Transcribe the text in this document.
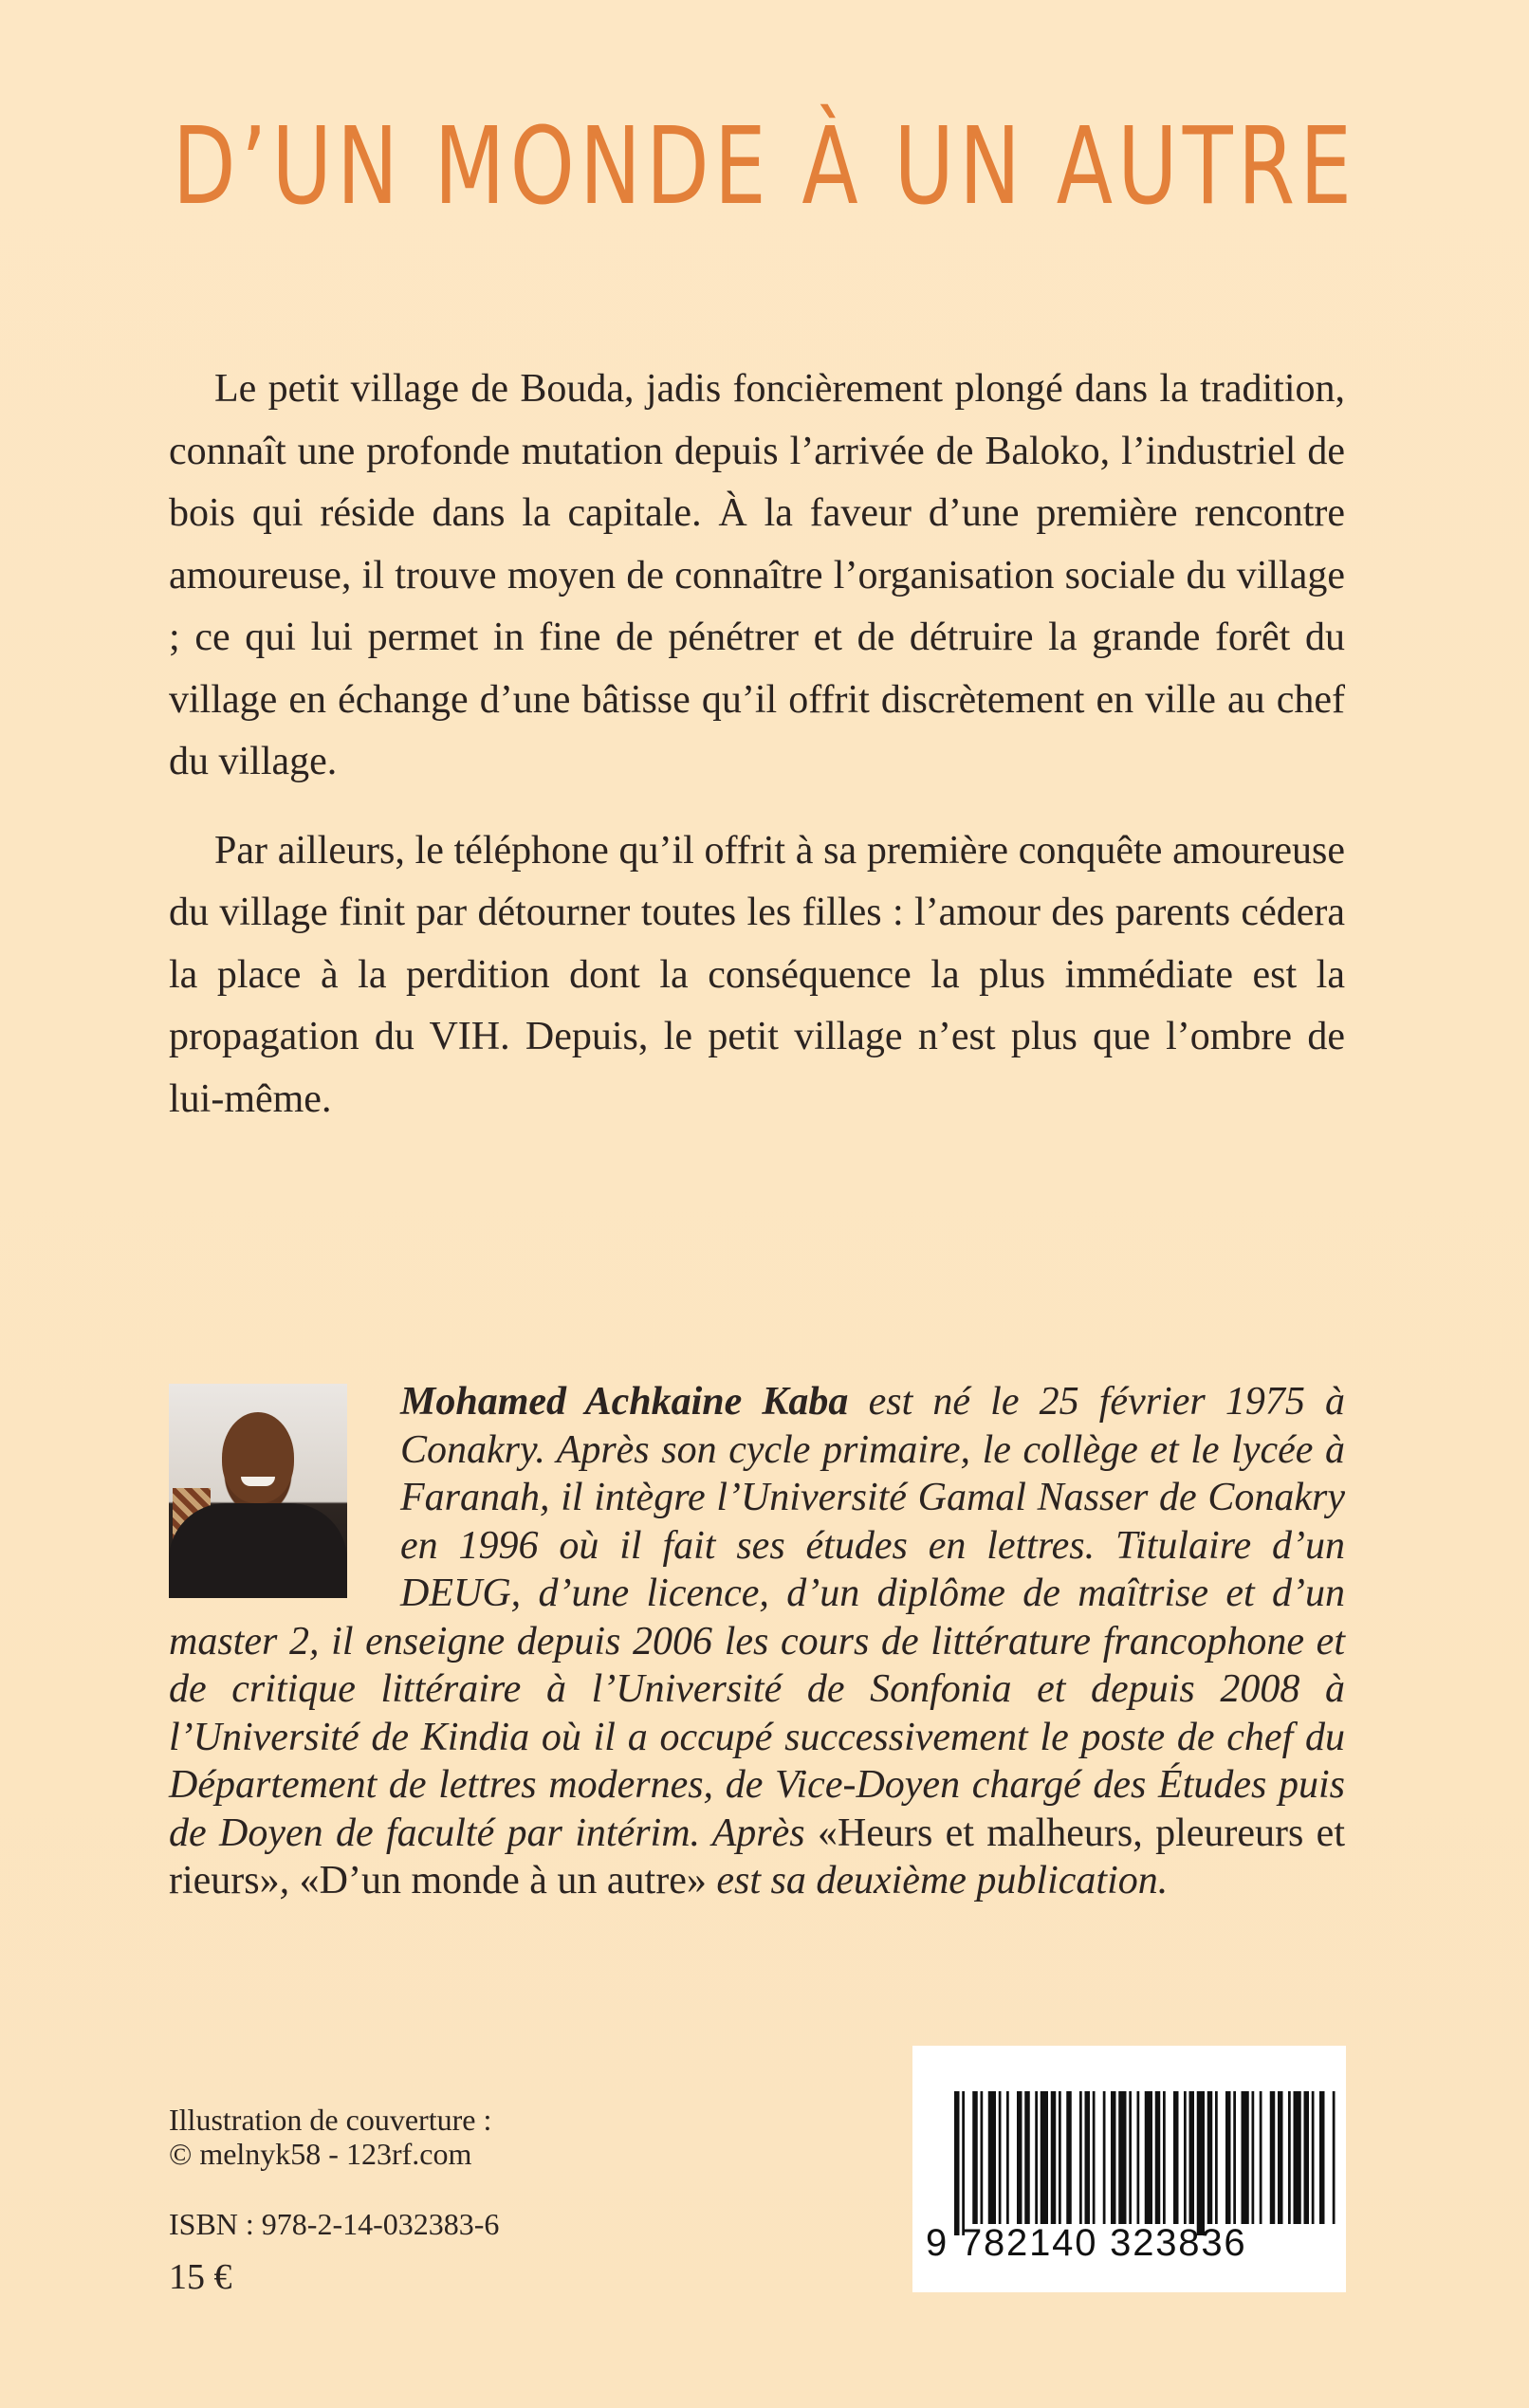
D’UN MONDE À UN AUTRE

Le petit village de Bouda, jadis foncièrement plongé dans la tradition, connaît une profonde mutation depuis l’arrivée de Baloko, l’industriel de bois qui réside dans la capitale. À la faveur d’une première rencontre amoureuse, il trouve moyen de connaître l’organisation sociale du village ; ce qui lui permet in fine de pénétrer et de détruire la grande forêt du village en échange d’une bâtisse qu’il offrit discrètement en ville au chef du village.

Par ailleurs, le téléphone qu’il offrit à sa première conquête amoureuse du village finit par détourner toutes les filles : l’amour des parents cédera la place à la perdition dont la conséquence la plus immédiate est la propagation du VIH. Depuis, le petit village n’est plus que l’ombre de lui-même.

Mohamed Achkaine Kaba est né le 25 février 1975 à Conakry. Après son cycle primaire, le collège et le lycée à Faranah, il intègre l’Université Gamal Nasser de Conakry en 1996 où il fait ses études en lettres. Titulaire d’un DEUG, d’une licence, d’un diplôme de maîtrise et d’un master 2, il enseigne depuis 2006 les cours de littérature francophone et de critique littéraire à l’Université de Sonfonia et depuis 2008 à l’Université de Kindia où il a occupé successivement le poste de chef du Département de lettres modernes, de Vice-Doyen chargé des Études puis de Doyen de faculté par intérim. Après «Heurs et malheurs, pleureurs et rieurs», «D’un monde à un autre» est sa deuxième publication.
Illustration de couverture :
© melnyk58 - 123rf.com
ISBN : 978-2-14-032383-6
15 €
9 782140 323836
